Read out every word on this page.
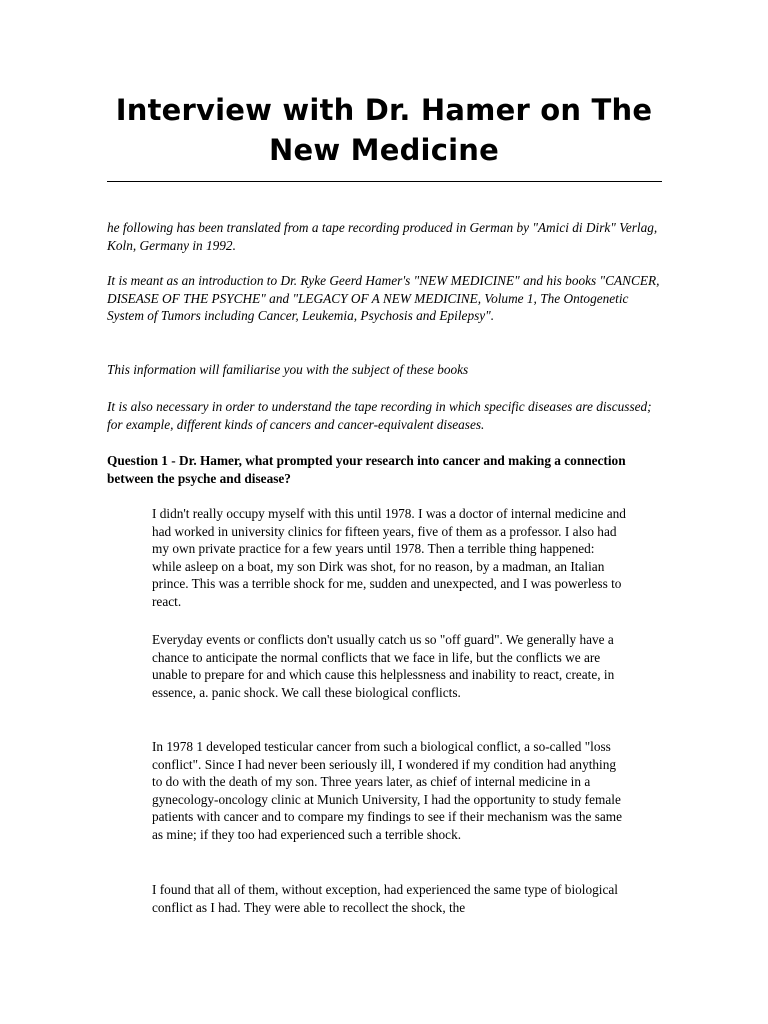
Interview with Dr. Hamer on The
New Medicine

he following has been translated from a tape recording produced in German by "Amici di Dirk" Verlag, Koln, Germany in 1992.

It is meant as an introduction to Dr. Ryke Geerd Hamer's "NEW MEDICINE" and his books "CANCER, DISEASE OF THE PSYCHE" and "LEGACY OF A NEW MEDICINE, Volume 1, The Ontogenetic System of Tumors including Cancer, Leukemia, Psychosis and Epilepsy".

This information will familiarise you with the subject of these books

It is also necessary in order to understand the tape recording in which specific diseases are discussed; for example, different kinds of cancers and cancer-equivalent diseases.

Question 1 - Dr. Hamer, what prompted your research into cancer and making a connection between the psyche and disease?

I didn't really occupy myself with this until 1978. I was a doctor of internal medicine and had worked in university clinics for fifteen years, five of them as a professor. I also had my own private practice for a few years until 1978. Then a terrible thing happened: while asleep on a boat, my son Dirk was shot, for no reason, by a madman, an Italian prince. This was a terrible shock for me, sudden and unexpected, and I was powerless to react.

Everyday events or conflicts don't usually catch us so "off guard". We generally have a chance to anticipate the normal conflicts that we face in life, but the conflicts we are unable to prepare for and which cause this helplessness and inability to react, create, in essence, a. panic shock. We call these biological conflicts.

In 1978 1 developed testicular cancer from such a biological conflict, a so-called "loss conflict". Since I had never been seriously ill, I wondered if my condition had anything to do with the death of my son. Three years later, as chief of internal medicine in a gynecology-oncology clinic at Munich University, I had the opportunity to study female patients with cancer and to compare my findings to see if their mechanism was the same as mine; if they too had experienced such a terrible shock.

I found that all of them, without exception, had experienced the same type of biological conflict as I had. They were able to recollect the shock, the
